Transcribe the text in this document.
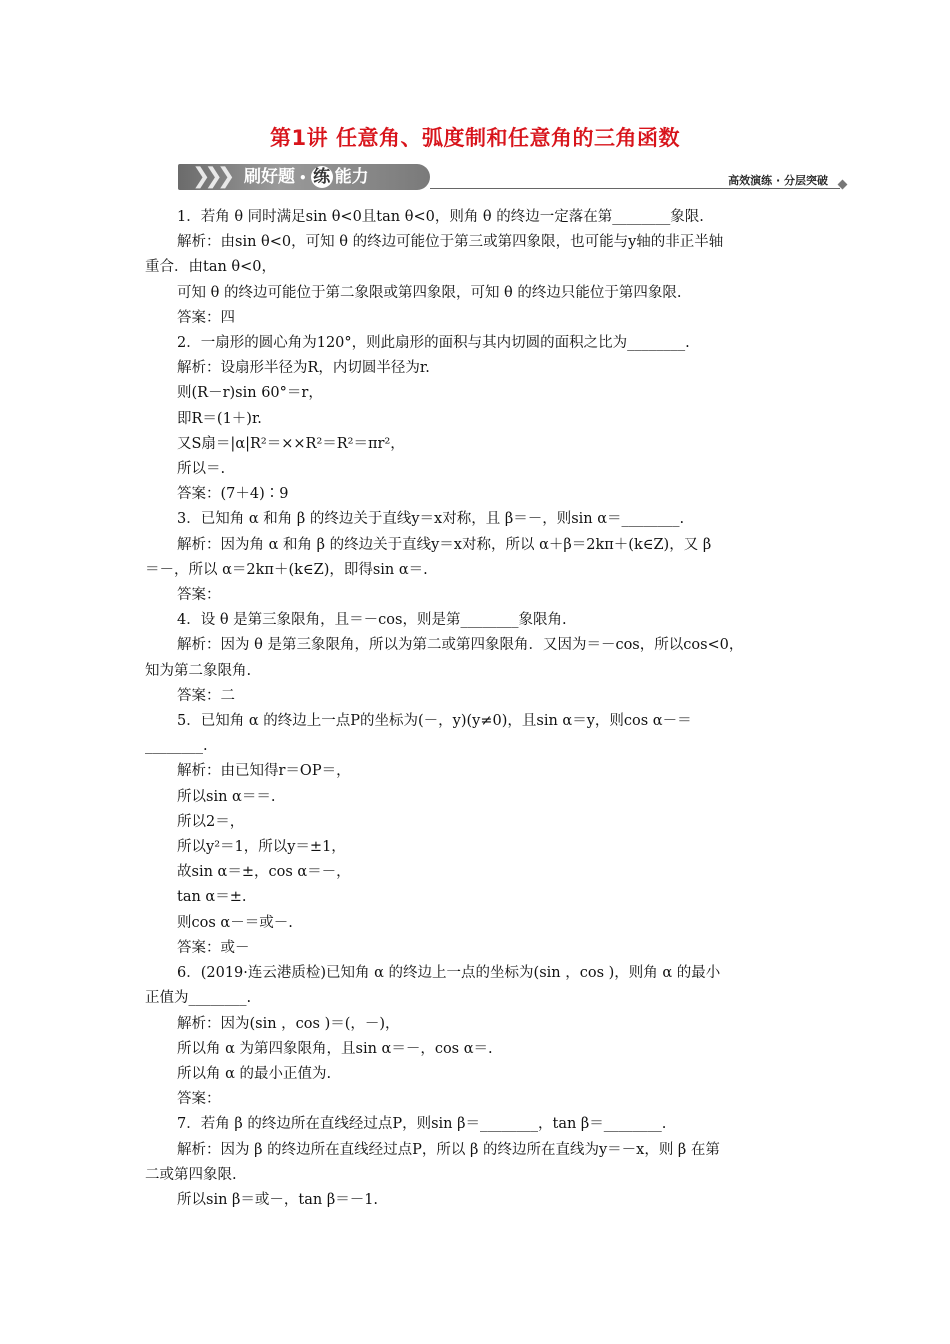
第1讲 任意角、弧度制和任意角的三角函数
❯❯❯ 刷好题 • 练 能力	高效演练 · 分层突破

1．若角 θ 同时满足sin θ<0且tan θ<0，则角 θ 的终边一定落在第________象限.

解析：由sin θ<0，可知 θ 的终边可能位于第三或第四象限，也可能与y轴的非正半轴

重合．由tan θ<0，

可知 θ 的终边可能位于第二象限或第四象限，可知 θ 的终边只能位于第四象限.

答案：四

2．一扇形的圆心角为120°，则此扇形的面积与其内切圆的面积之比为________.

解析：设扇形半径为R，内切圆半径为r.

则(R－r)sin 60°＝r，

即R＝(1＋)r.

又S扇＝|α|R²＝××R²＝R²＝πr²，

所以＝.

答案：(7＋4)∶9

3．已知角 α 和角 β 的终边关于直线y＝x对称，且 β＝－，则sin α＝________.

解析：因为角 α 和角 β 的终边关于直线y＝x对称，所以 α＋β＝2kπ＋(k∈Z)，又 β

＝－，所以 α＝2kπ＋(k∈Z)，即得sin α＝.

答案：

4．设 θ 是第三象限角，且＝－cos，则是第________象限角.

解析：因为 θ 是第三象限角，所以为第二或第四象限角．又因为＝－cos，所以cos<0，

知为第二象限角.

答案：二

5．已知角 α 的终边上一点P的坐标为(－，y)(y≠0)，且sin α＝y，则cos α－＝

________.

解析：由已知得r＝OP＝，

所以sin α＝＝.

所以2＝，

所以y²＝1，所以y＝±1，

故sin α＝±，cos α＝－，

tan α＝±.

则cos α－＝或－.

答案：或－

6．(2019·连云港质检)已知角 α 的终边上一点的坐标为(sin ，cos )，则角 α 的最小

正值为________.

解析：因为(sin ，cos )＝(，－)，

所以角 α 为第四象限角，且sin α＝－，cos α＝.

所以角 α 的最小正值为.

答案：

7．若角 β 的终边所在直线经过点P，则sin β＝________，tan β＝________.

解析：因为 β 的终边所在直线经过点P，所以 β 的终边所在直线为y＝－x，则 β 在第

二或第四象限.

所以sin β＝或－，tan β＝－1.
